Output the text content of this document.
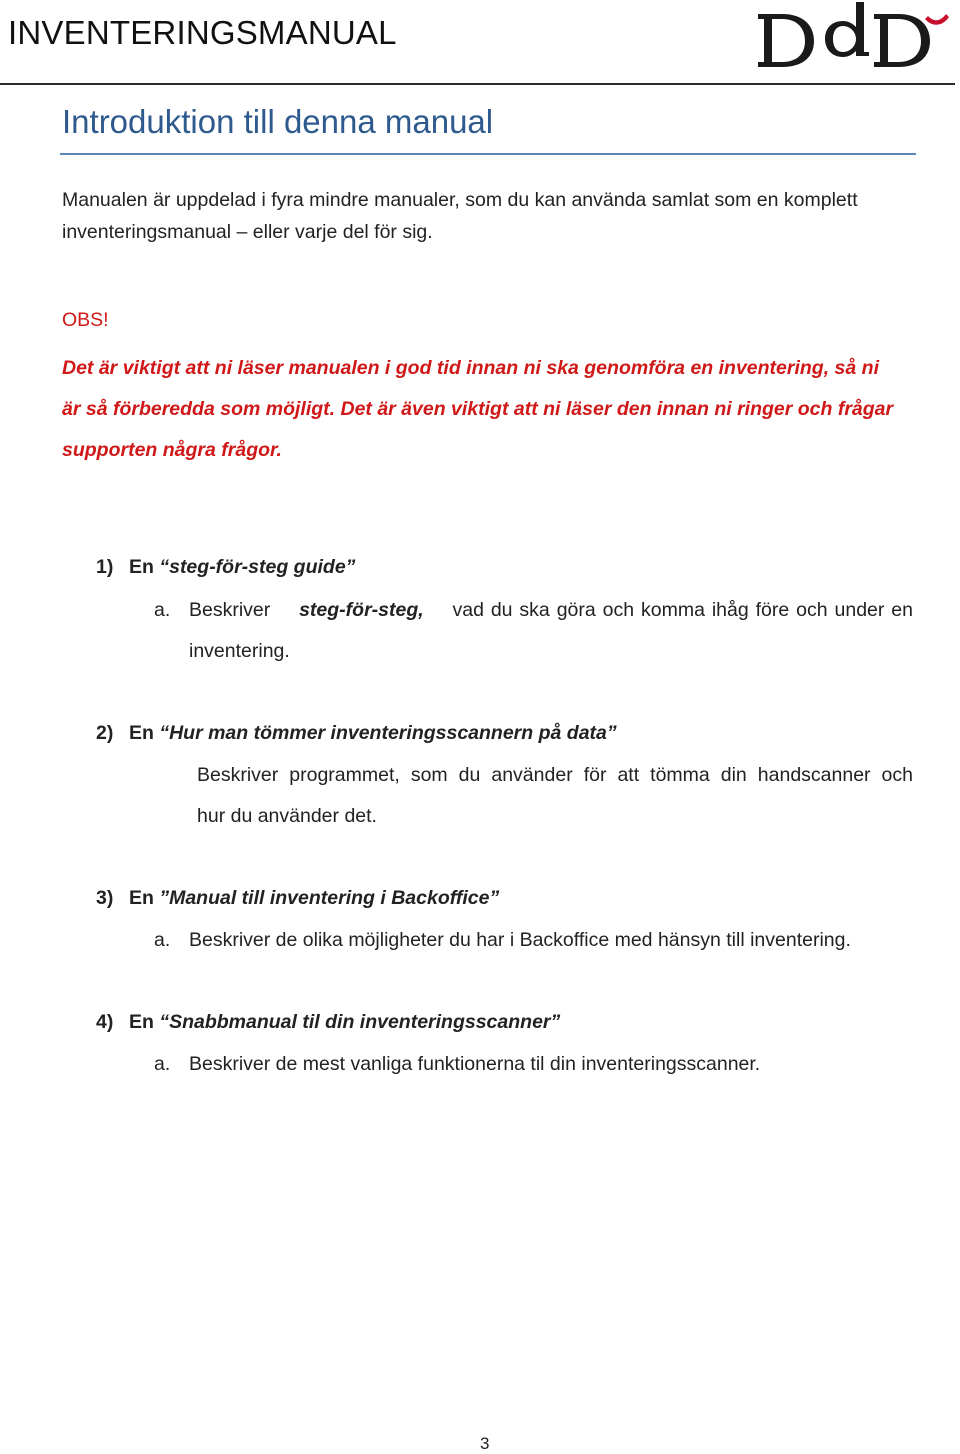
INVENTERINGSMANUAL
Introduktion till denna manual
Manualen är uppdelad i fyra mindre manualer, som du kan använda samlat som en komplett
inventeringsmanual – eller varje del för sig.
OBS!
Det är viktigt att ni läser manualen i god tid innan ni ska genomföra en inventering, så ni
är så förberedda som möjligt. Det är även viktigt att ni läser den innan ni ringer och frågar
supporten några frågor.
1) En “steg-för-steg guide”
a. Beskriver steg-för-steg, vad du ska göra och komma ihåg före och under en
inventering.
2) En “Hur man tömmer inventeringsscannern på data”
Beskriver programmet, som du använder för att tömma din handscanner och
hur du använder det.
3) En ”Manual till inventering i Backoffice”
a. Beskriver de olika möjligheter du har i Backoffice med hänsyn till inventering.
4) En “Snabbmanual til din inventeringsscanner”
a. Beskriver de mest vanliga funktionerna til din inventeringsscanner.
3
